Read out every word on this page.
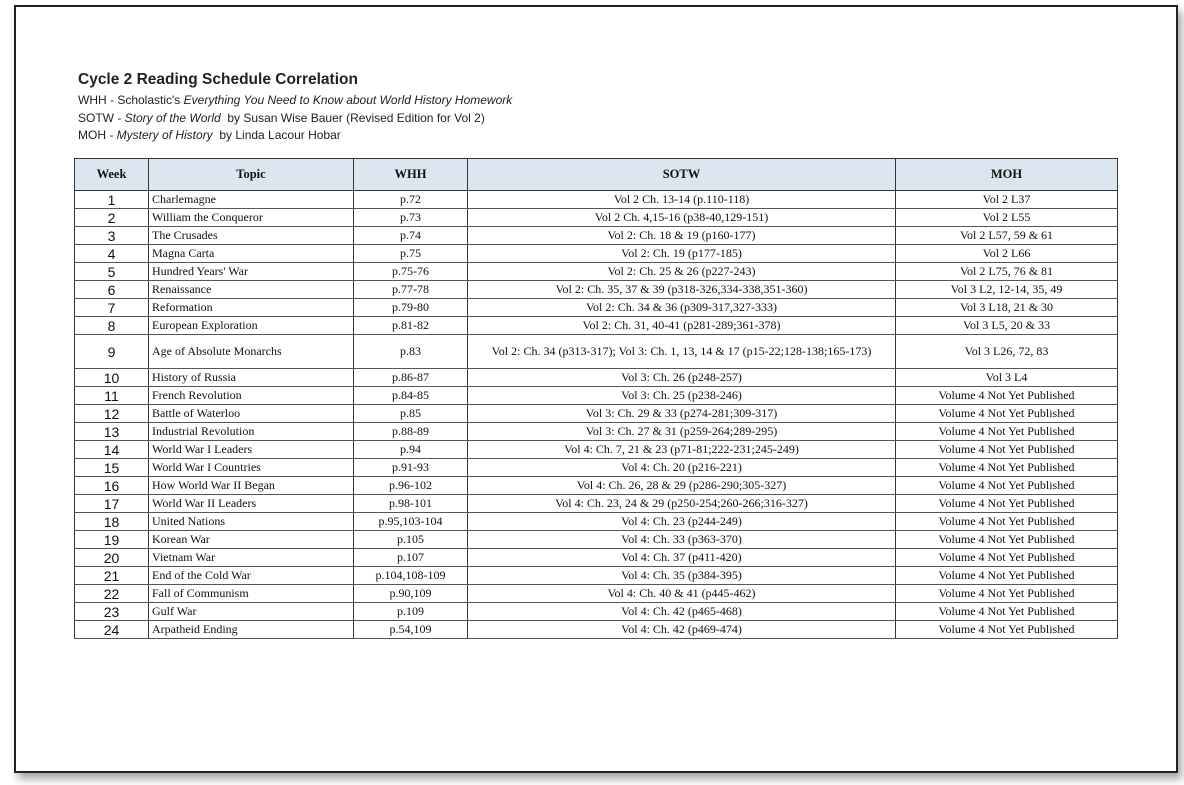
Cycle 2 Reading Schedule Correlation
WHH - Scholastic's Everything You Need to Know about World History Homework
SOTW - Story of the World  by Susan Wise Bauer (Revised Edition for Vol 2)
MOH - Mystery of History  by Linda Lacour Hobar
Week	Topic	WHH	SOTW	MOH
1	Charlemagne	p.72	Vol 2 Ch. 13-14 (p.110-118)	Vol 2 L37
2	William the Conqueror	p.73	Vol 2 Ch. 4,15-16 (p38-40,129-151)	Vol 2 L55
3	The Crusades	p.74	Vol 2: Ch. 18 & 19 (p160-177)	Vol 2 L57, 59 & 61
4	Magna Carta	p.75	Vol 2: Ch. 19 (p177-185)	Vol 2 L66
5	Hundred Years' War	p.75-76	Vol 2: Ch. 25 & 26 (p227-243)	Vol 2 L75, 76 & 81
6	Renaissance	p.77-78	Vol 2: Ch. 35, 37 & 39 (p318-326,334-338,351-360)	Vol 3 L2, 12-14, 35, 49
7	Reformation	p.79-80	Vol 2: Ch. 34 & 36 (p309-317,327-333)	Vol 3 L18, 21 & 30
8	European Exploration	p.81-82	Vol 2: Ch. 31, 40-41 (p281-289;361-378)	Vol 3 L5, 20 & 33
9	Age of Absolute Monarchs	p.83	Vol 2: Ch. 34 (p313-317); Vol 3: Ch. 1, 13, 14 & 17 (p15-22;128-138;165-173)	Vol 3 L26, 72, 83
10	History of Russia	p.86-87	Vol 3: Ch. 26 (p248-257)	Vol 3 L4
11	French Revolution	p.84-85	Vol 3: Ch. 25 (p238-246)	Volume 4 Not Yet Published
12	Battle of Waterloo	p.85	Vol 3: Ch. 29 & 33 (p274-281;309-317)	Volume 4 Not Yet Published
13	Industrial Revolution	p.88-89	Vol 3: Ch. 27 & 31 (p259-264;289-295)	Volume 4 Not Yet Published
14	World War I Leaders	p.94	Vol 4: Ch. 7, 21 & 23 (p71-81;222-231;245-249)	Volume 4 Not Yet Published
15	World War I Countries	p.91-93	Vol 4: Ch. 20 (p216-221)	Volume 4 Not Yet Published
16	How World War II Began	p.96-102	Vol 4: Ch. 26, 28 & 29 (p286-290;305-327)	Volume 4 Not Yet Published
17	World War II Leaders	p.98-101	Vol 4: Ch. 23, 24 & 29 (p250-254;260-266;316-327)	Volume 4 Not Yet Published
18	United Nations	p.95,103-104	Vol 4: Ch. 23 (p244-249)	Volume 4 Not Yet Published
19	Korean War	p.105	Vol 4: Ch. 33 (p363-370)	Volume 4 Not Yet Published
20	Vietnam War	p.107	Vol 4: Ch. 37 (p411-420)	Volume 4 Not Yet Published
21	End of the Cold War	p.104,108-109	Vol 4: Ch. 35 (p384-395)	Volume 4 Not Yet Published
22	Fall of Communism	p.90,109	Vol 4: Ch. 40 & 41 (p445-462)	Volume 4 Not Yet Published
23	Gulf War	p.109	Vol 4: Ch. 42 (p465-468)	Volume 4 Not Yet Published
24	Arpatheid Ending	p.54,109	Vol 4: Ch. 42 (p469-474)	Volume 4 Not Yet Published
